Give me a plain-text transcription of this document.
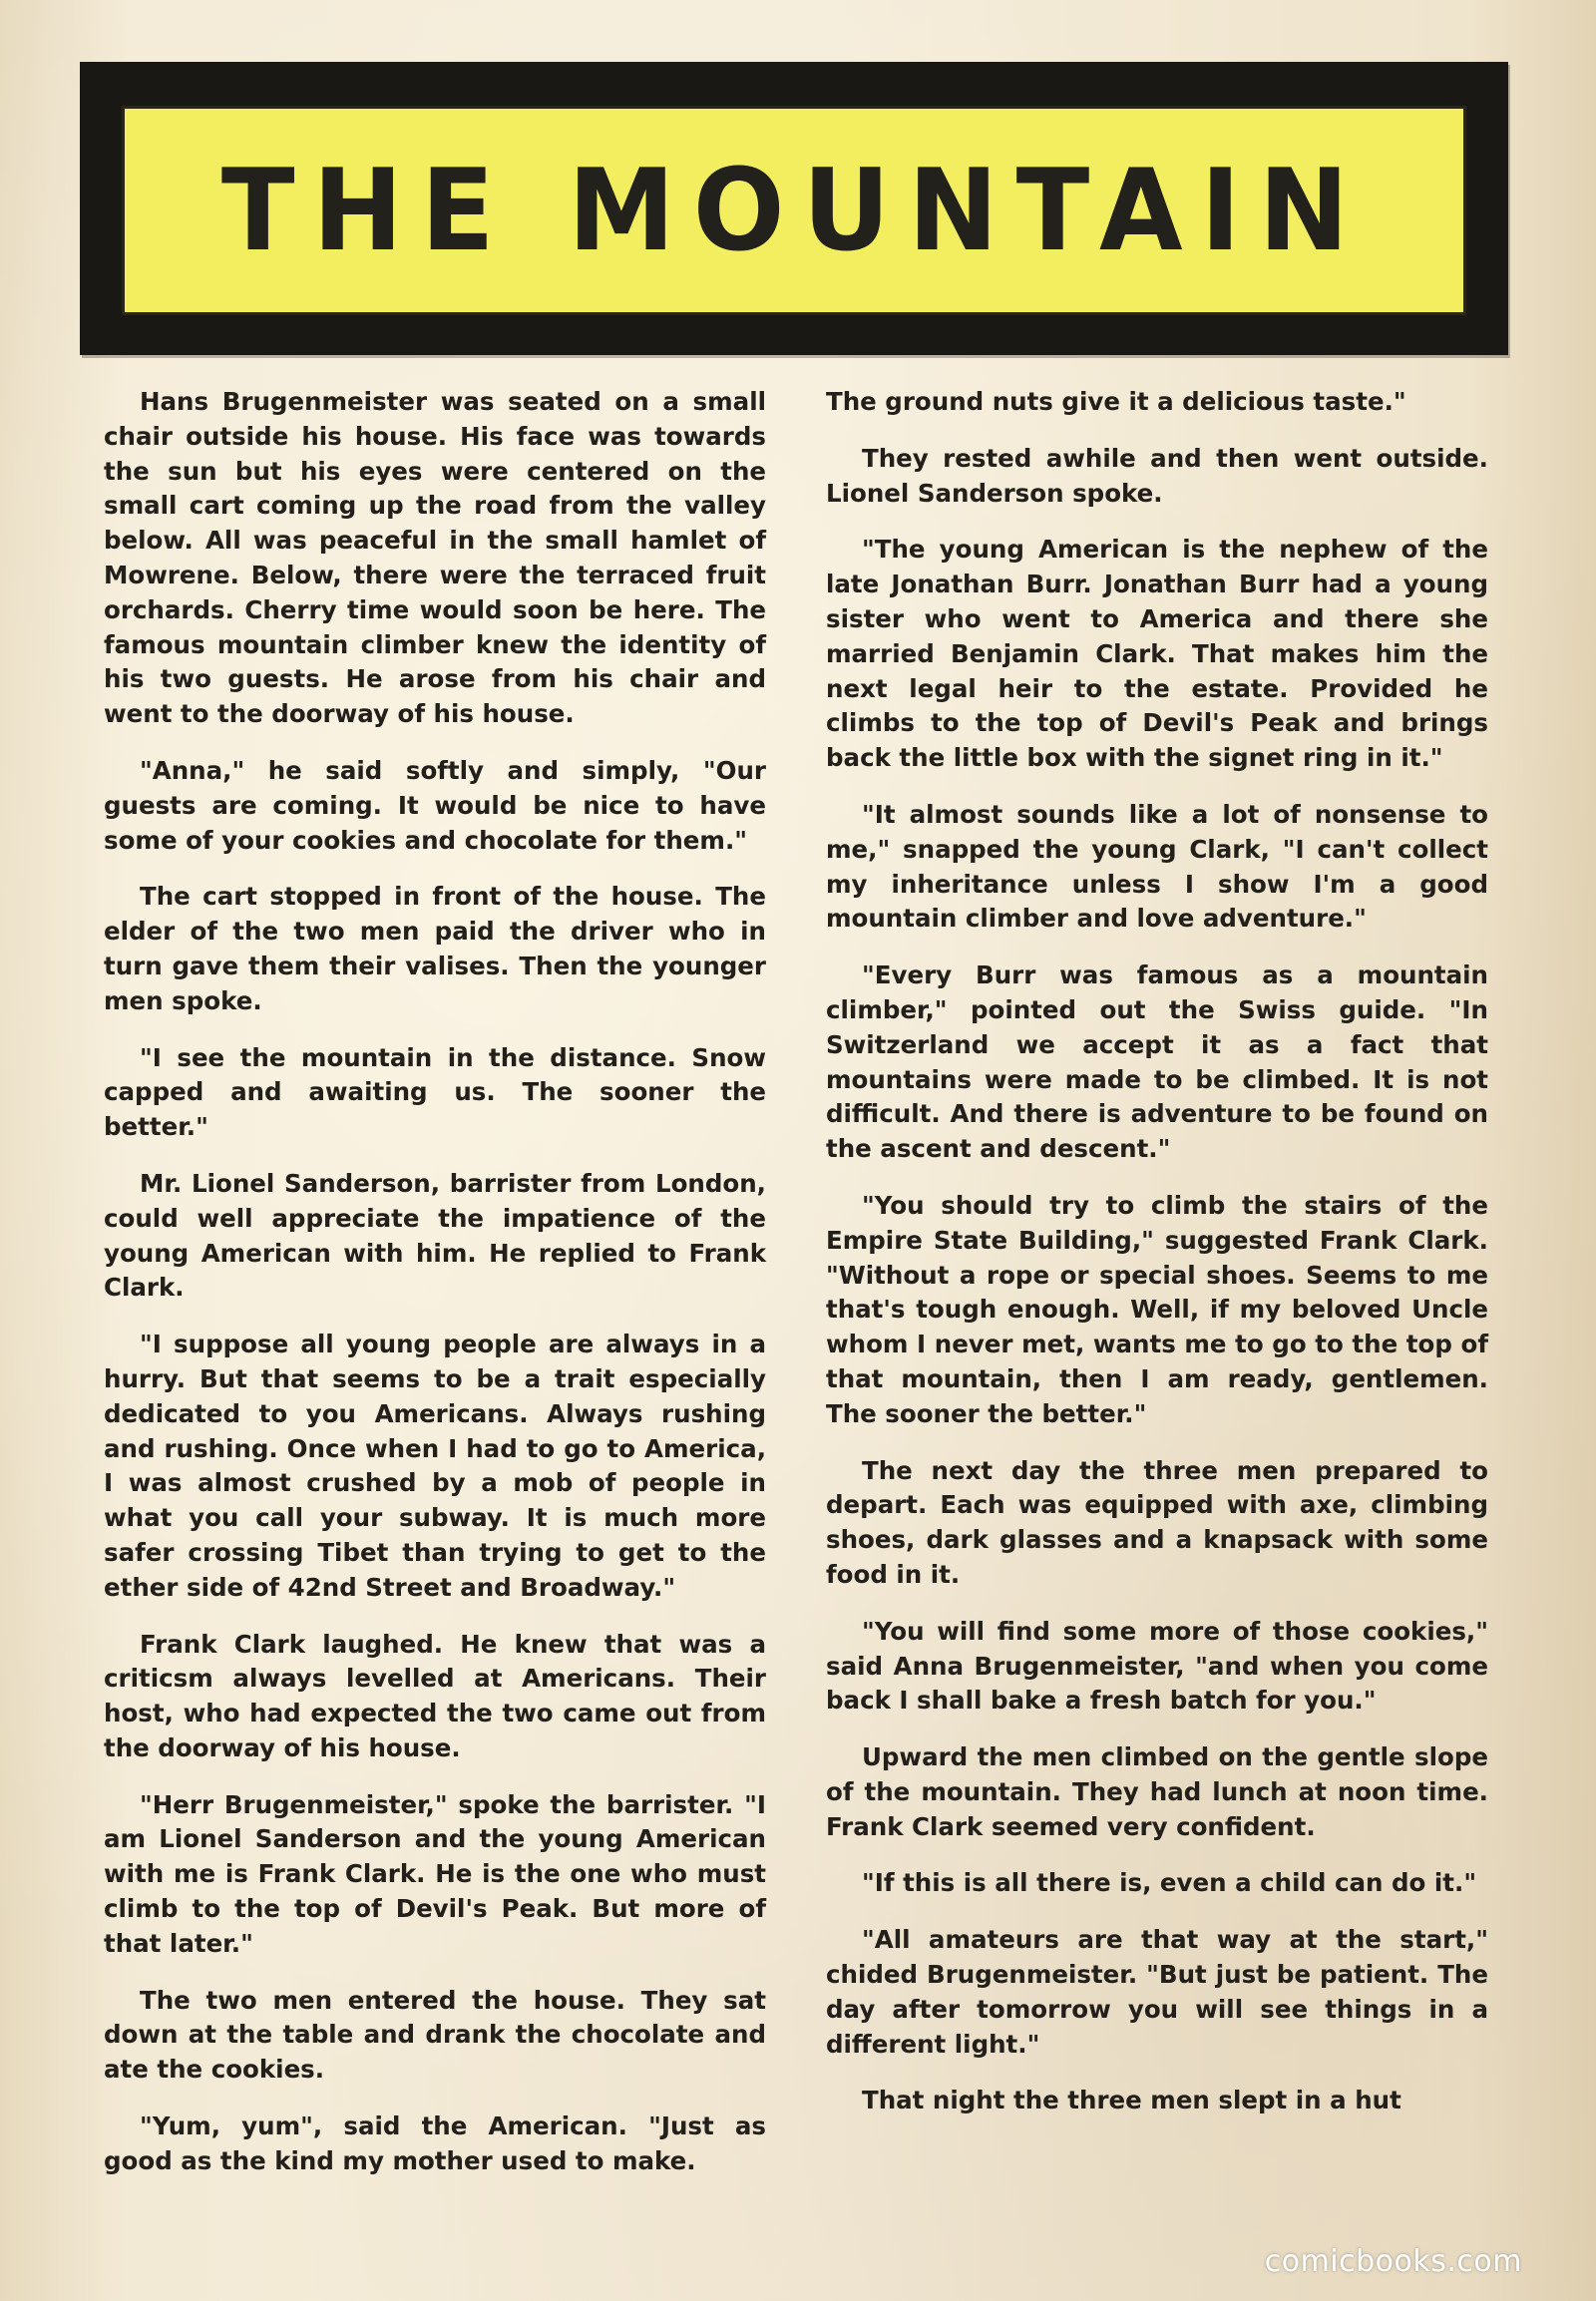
THE MOUNTAIN

Hans Brugenmeister was seated on a small chair outside his house. His face was towards the sun but his eyes were centered on the small cart coming up the road from the valley below. All was peaceful in the small hamlet of Mowrene. Below, there were the terraced fruit orchards. Cherry time would soon be here. The famous mountain climber knew the identity of his two guests. He arose from his chair and went to the doorway of his house.

"Anna," he said softly and simply, "Our guests are coming. It would be nice to have some of your cookies and chocolate for them."

The cart stopped in front of the house. The elder of the two men paid the driver who in turn gave them their valises. Then the younger men spoke.

"I see the mountain in the distance. Snow capped and awaiting us. The sooner the better."

Mr. Lionel Sanderson, barrister from London, could well appreciate the impatience of the young American with him. He replied to Frank Clark.

"I suppose all young people are always in a hurry. But that seems to be a trait especially dedicated to you Americans. Always rushing and rushing. Once when I had to go to America, I was almost crushed by a mob of people in what you call your subway. It is much more safer crossing Tibet than trying to get to the ether side of 42nd Street and Broadway."

Frank Clark laughed. He knew that was a criticsm always levelled at Americans. Their host, who had expected the two came out from the doorway of his house.

"Herr Brugenmeister," spoke the barrister. "I am Lionel Sanderson and the young American with me is Frank Clark. He is the one who must climb to the top of Devil's Peak. But more of that later."

The two men entered the house. They sat down at the table and drank the chocolate and ate the cookies.

"Yum, yum", said the American. "Just as good as the kind my mother used to make.

The ground nuts give it a delicious taste."

They rested awhile and then went outside. Lionel Sanderson spoke.

"The young American is the nephew of the late Jonathan Burr. Jonathan Burr had a young sister who went to America and there she married Benjamin Clark. That makes him the next legal heir to the estate. Provided he climbs to the top of Devil's Peak and brings back the little box with the signet ring in it."

"It almost sounds like a lot of nonsense to me," snapped the young Clark, "I can't collect my inheritance unless I show I'm a good mountain climber and love adventure."

"Every Burr was famous as a mountain climber," pointed out the Swiss guide. "In Switzerland we accept it as a fact that mountains were made to be climbed. It is not difficult. And there is adventure to be found on the ascent and descent."

"You should try to climb the stairs of the Empire State Building," suggested Frank Clark. "Without a rope or special shoes. Seems to me that's tough enough. Well, if my beloved Uncle whom I never met, wants me to go to the top of that mountain, then I am ready, gentlemen. The sooner the better."

The next day the three men prepared to depart. Each was equipped with axe, climbing shoes, dark glasses and a knapsack with some food in it.

"You will find some more of those cookies," said Anna Brugenmeister, "and when you come back I shall bake a fresh batch for you."

Upward the men climbed on the gentle slope of the mountain. They had lunch at noon time. Frank Clark seemed very confident.

"If this is all there is, even a child can do it."

"All amateurs are that way at the start," chided Brugenmeister. "But just be patient. The day after tomorrow you will see things in a different light."

That night the three men slept in a hut

comicbooks.com
